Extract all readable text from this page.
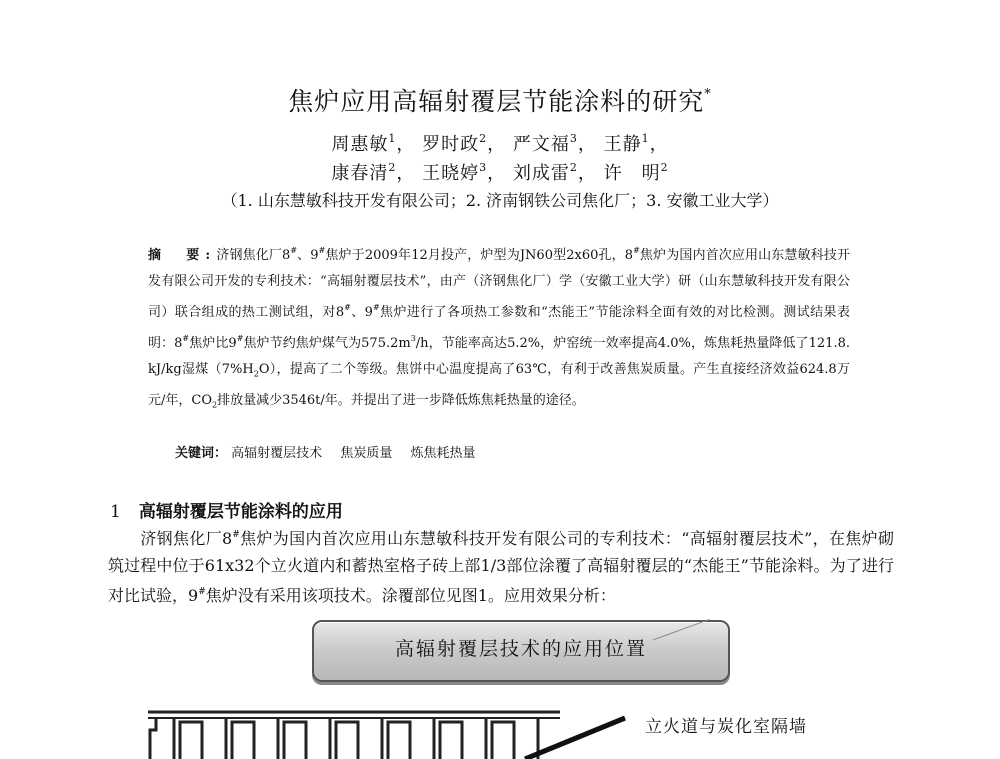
焦炉应用高辐射覆层节能涂料的研究*
周惠敏$^1$， 罗时政$^2$， 严文福$^3$， 王静$^1$，
康春清$^2$， 王晓婷$^3$， 刘成雷$^2$， 许　明$^2$
（1. 山东慧敏科技开发有限公司；2. 济南钢铁公司焦化厂；3. 安徽工业大学）
摘　要:济钢焦化厂8#、9#焦炉于2009年12月投产，炉型为JN60型2x60孔，8#焦炉为国内首次应用山东慧敏科技开发有限公司开发的专利技术：“高辐射覆层技术”，由产（济钢焦化厂）学（安徽工业大学）研（山东慧敏科技开发有限公司）联合组成的热工测试组，对8#、9#焦炉进行了各项热工参数和“杰能王”节能涂料全面有效的对比检测。测试结果表明：8#焦炉比9#焦炉节约焦炉煤气为$575.2m^3/h$，节能率高达5.2%，炉窑统一效率提高4.0%，炼焦耗热量降低了121.8. kJ/kg湿煤$(7\%H_2O)$，提高了二个等级。焦饼中心温度提高了63℃，有利于改善焦炭质量。产生直接经济效益624.8万元/年，$CO_2$排放量减少3546t/年。并提出了进一步降低炼焦耗热量的途径。
关键词： 高辐射覆层技术 焦炭质量 炼焦耗热量
1 高辐射覆层节能涂料的应用
济钢焦化厂8#焦炉为国内首次应用山东慧敏科技开发有限公司的专利技术：“高辐射覆层技术”，在焦炉砌筑过程中位于61x32个立火道内和蓄热室格子砖上部1/3部位涂覆了高辐射覆层的“杰能王”节能涂料。为了进行对比试验，9#焦炉没有采用该项技术。涂覆部位见图1。应用效果分析：
高辐射覆层技术的应用位置
立火道与炭化室隔墙
